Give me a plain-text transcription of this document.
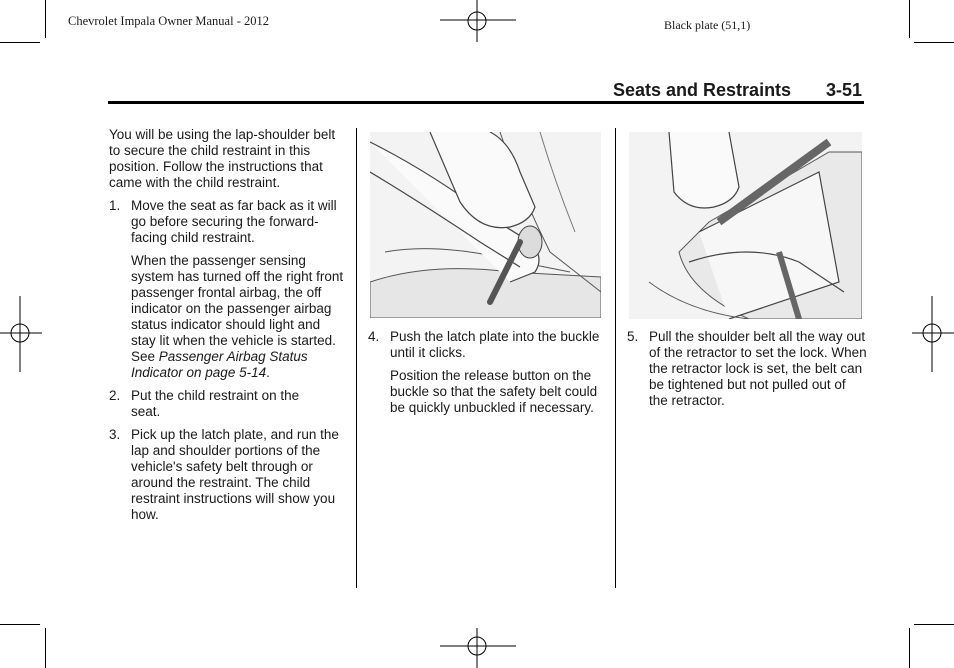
Chevrolet Impala Owner Manual - 2012	Black plate (51,1)
Seats and Restraints 3-51

You will be using the lap-shoulder belt to secure the child restraint in this position. Follow the instructions that came with the child restraint.

1. Move the seat as far back as it will go before securing the forward-facing child restraint.

When the passenger sensing system has turned off the right front passenger frontal airbag, the off indicator on the passenger airbag status indicator should light and stay lit when the vehicle is started. See Passenger Airbag Status Indicator on page 5-14.

2. Put the child restraint on the seat.

3. Pick up the latch plate, and run the lap and shoulder portions of the vehicle's safety belt through or around the restraint. The child restraint instructions will show you how.

4. Push the latch plate into the buckle until it clicks.

Position the release button on the buckle so that the safety belt could be quickly unbuckled if necessary.

5. Pull the shoulder belt all the way out of the retractor to set the lock. When the retractor lock is set, the belt can be tightened but not pulled out of the retractor.
